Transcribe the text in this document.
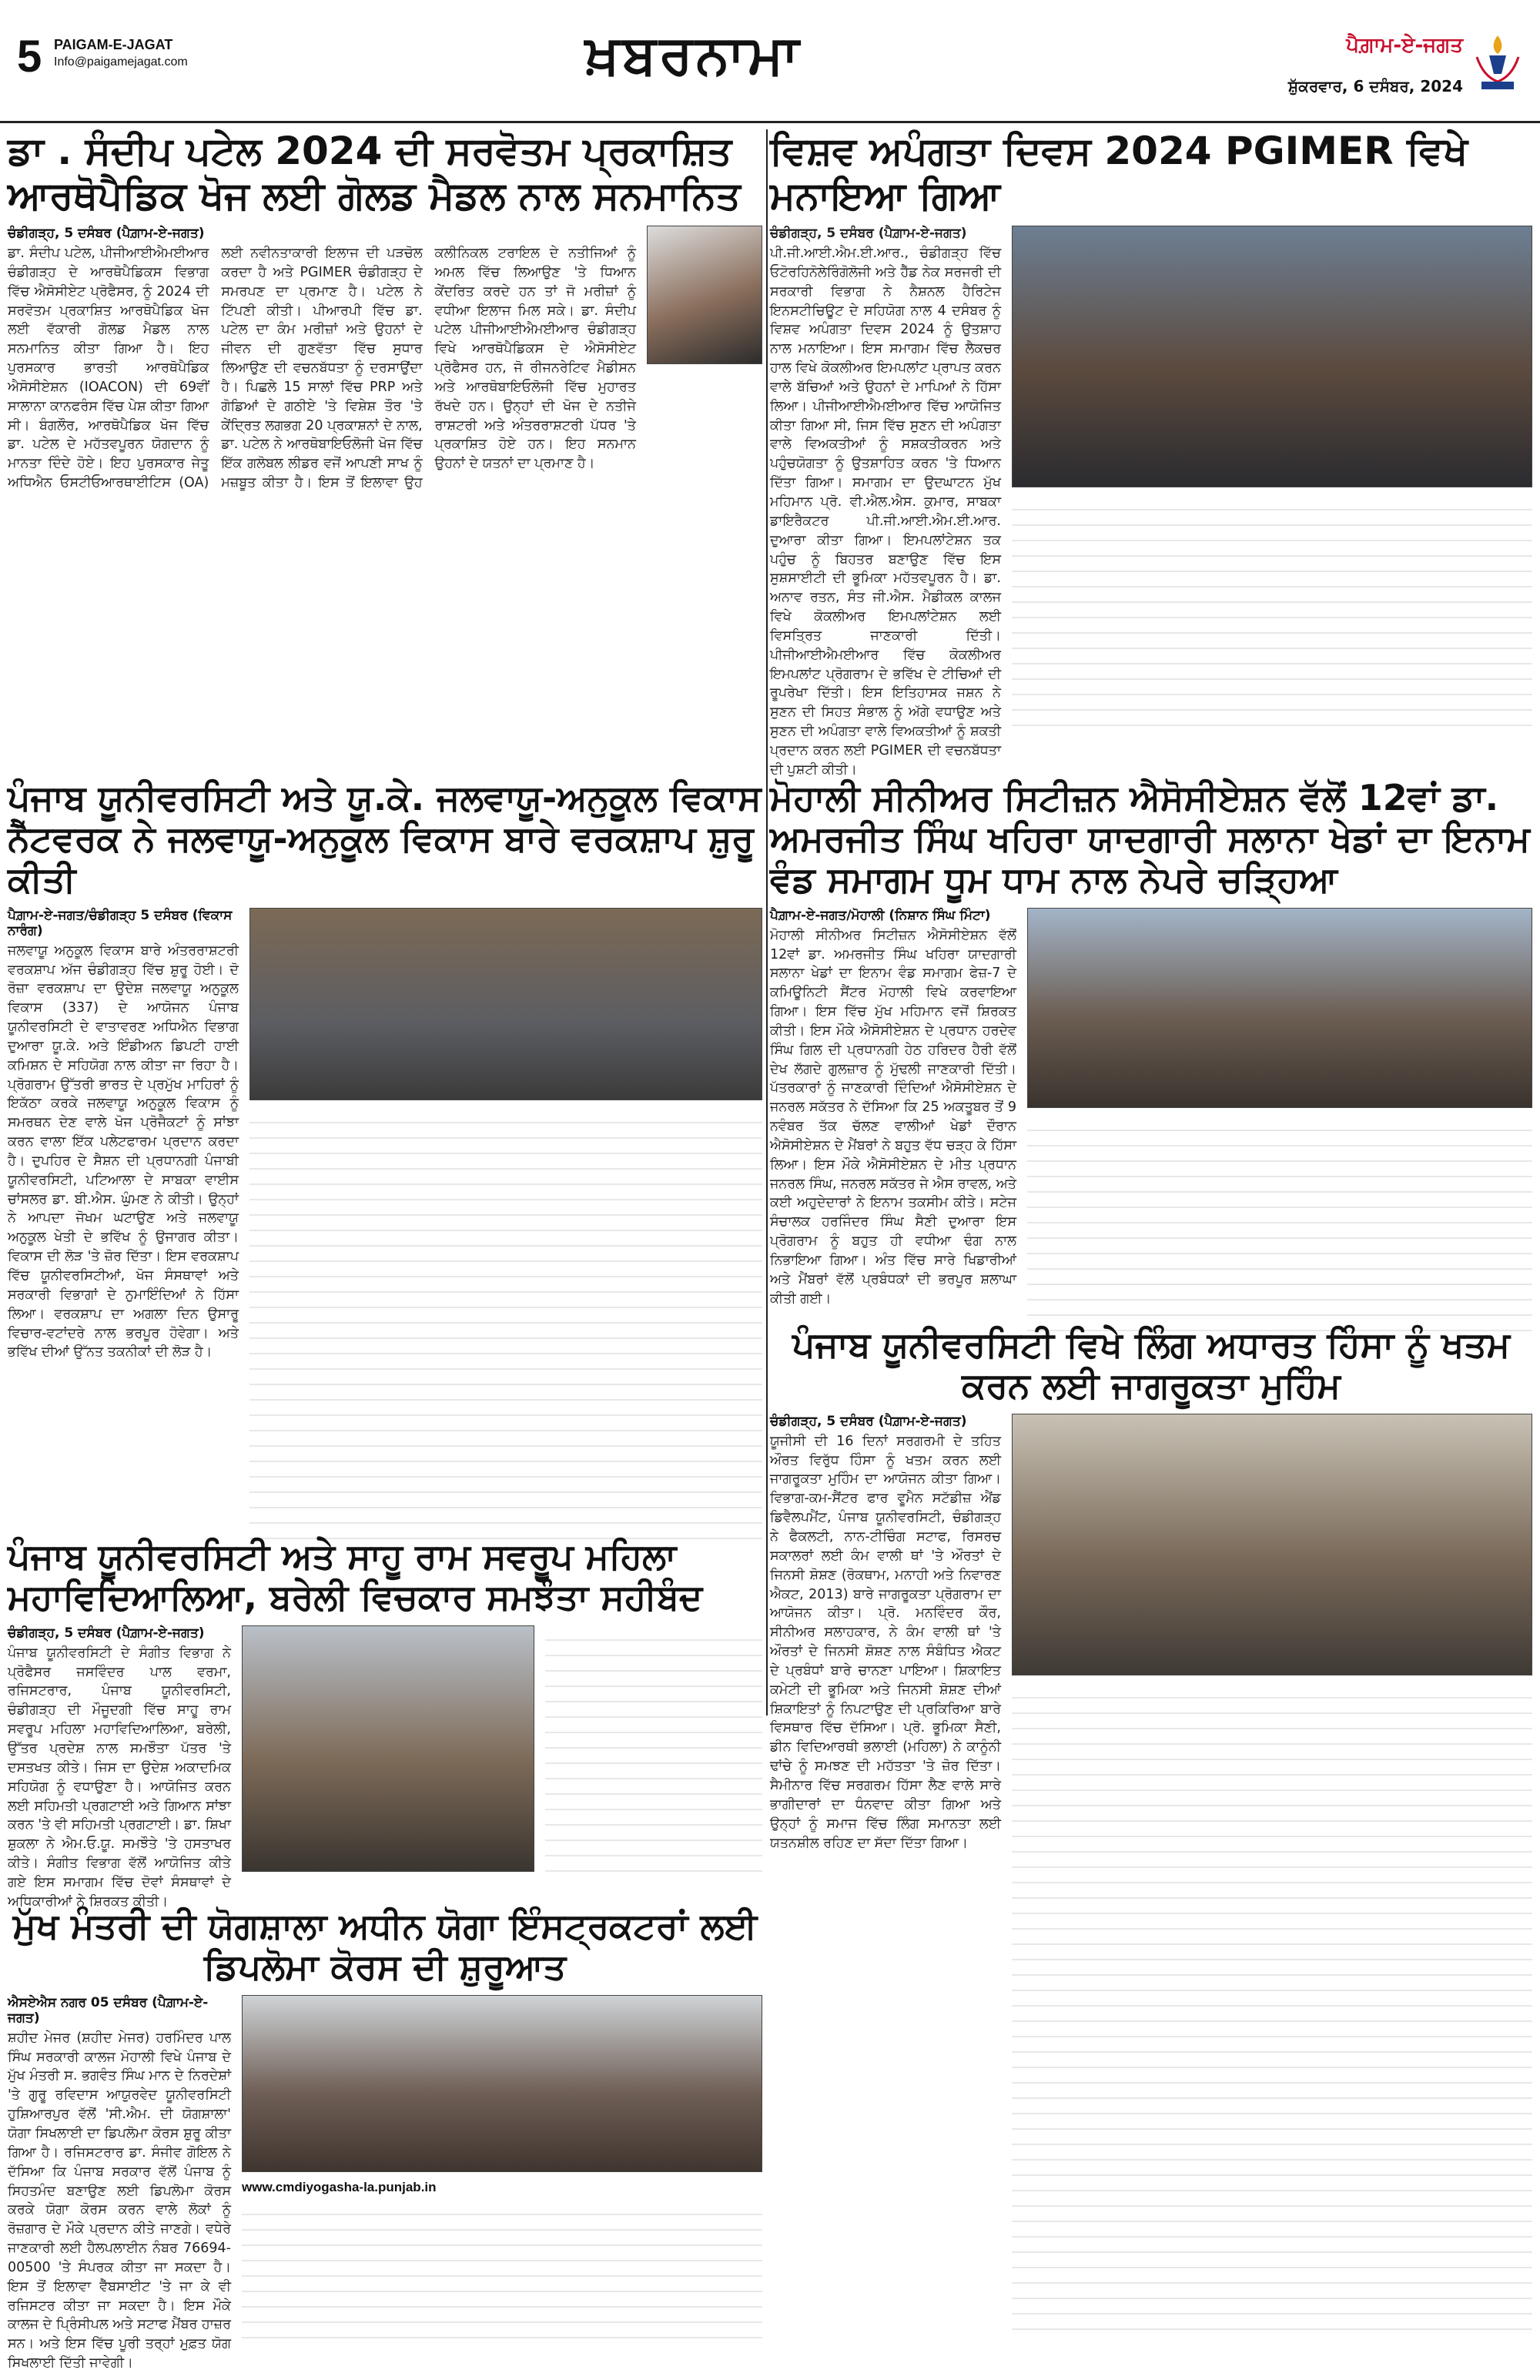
5 PAIGAM-E-JAGAT
Info@paigamejagat.com	ਖ਼ਬਰਨਾਮਾ	ਪੈਗ਼ਾਮ-ਏ-ਜਗਤ
ਸ਼ੁੱਕਰਵਾਰ, 6 ਦਸੰਬਰ, 2024
ਡਾ . ਸੰਦੀਪ ਪਟੇਲ 2024 ਦੀ ਸਰਵੋਤਮ ਪ੍ਰਕਾਸ਼ਿਤ ਆਰਥੋਪੈਡਿਕ ਖੋਜ ਲਈ ਗੋਲਡ ਮੈਡਲ ਨਾਲ ਸਨਮਾਨਿਤ
ਚੰਡੀਗੜ੍ਹ, 5 ਦਸੰਬਰ (ਪੈਗ਼ਾਮ-ਏ-ਜਗਤ)
ਡਾ. ਸੰਦੀਪ ਪਟੇਲ, ਪੀਜੀਆਈਐਮਈਆਰ ਚੰਡੀਗੜ੍ਹ ਦੇ ਆਰਥੋਪੈਡਿਕਸ ਵਿਭਾਗ ਵਿੱਚ ਐਸੋਸੀਏਟ ਪ੍ਰੋਫੈਸਰ, ਨੂੰ 2024 ਦੀ ਸਰਵੋਤਮ ਪ੍ਰਕਾਸ਼ਿਤ ਆਰਥੋਪੈਡਿਕ ਖੋਜ ਲਈ ਵੱਕਾਰੀ ਗੋਲਡ ਮੈਡਲ ਨਾਲ ਸਨਮਾਨਿਤ ਕੀਤਾ ਗਿਆ ਹੈ। ਇਹ ਪੁਰਸਕਾਰ ਭਾਰਤੀ ਆਰਥੋਪੈਡਿਕ ਐਸੋਸੀਏਸ਼ਨ (IOACON) ਦੀ 69ਵੀਂ ਸਾਲਾਨਾ ਕਾਨਫਰੰਸ ਵਿੱਚ ਪੇਸ਼ ਕੀਤਾ ਗਿਆ ਸੀ। ਬੰਗਲੌਰ, ਆਰਥੋਪੈਡਿਕ ਖੋਜ ਵਿੱਚ ਡਾ. ਪਟੇਲ ਦੇ ਮਹੱਤਵਪੂਰਨ ਯੋਗਦਾਨ ਨੂੰ ਮਾਨਤਾ ਦਿੰਦੇ ਹੋਏ। ਇਹ ਪੁਰਸਕਾਰ ਜੇਤੂ ਅਧਿਐਨ ਓਸਟੀਓਆਰਥਾਈਟਿਸ (OA) ਲਈ ਨਵੀਨਤਾਕਾਰੀ ਇਲਾਜ ਦੀ ਪੜਚੋਲ ਕਰਦਾ ਹੈ ਅਤੇ PGIMER ਚੰਡੀਗੜ੍ਹ ਦੇ ਸਮਰਪਣ ਦਾ ਪ੍ਰਮਾਣ ਹੈ। ਪਟੇਲ ਨੇ ਟਿੱਪਣੀ ਕੀਤੀ। ਪੀਆਰਪੀ ਵਿੱਚ ਡਾ. ਪਟੇਲ ਦਾ ਕੰਮ ਮਰੀਜ਼ਾਂ ਅਤੇ ਉਹਨਾਂ ਦੇ ਜੀਵਨ ਦੀ ਗੁਣਵੱਤਾ ਵਿੱਚ ਸੁਧਾਰ ਲਿਆਉਣ ਦੀ ਵਚਨਬੱਧਤਾ ਨੂੰ ਦਰਸਾਉਂਦਾ ਹੈ। ਪਿਛਲੇ 15 ਸਾਲਾਂ ਵਿੱਚ PRP ਅਤੇ ਗੋਡਿਆਂ ਦੇ ਗਠੀਏ 'ਤੇ ਵਿਸ਼ੇਸ਼ ਤੌਰ 'ਤੇ ਕੇਂਦ੍ਰਿਤ ਲਗਭਗ 20 ਪ੍ਰਕਾਸ਼ਨਾਂ ਦੇ ਨਾਲ, ਡਾ. ਪਟੇਲ ਨੇ ਆਰਥੋਬਾਇਓਲੋਜੀ ਖੋਜ ਵਿੱਚ ਇੱਕ ਗਲੋਬਲ ਲੀਡਰ ਵਜੋਂ ਆਪਣੀ ਸਾਖ ਨੂੰ ਮਜ਼ਬੂਤ ਕੀਤਾ ਹੈ। ਇਸ ਤੋਂ ਇਲਾਵਾ ਉਹ ਕਲੀਨਿਕਲ ਟਰਾਇਲ ਦੇ ਨਤੀਜਿਆਂ ਨੂੰ ਅਮਲ ਵਿੱਚ ਲਿਆਉਣ 'ਤੇ ਧਿਆਨ ਕੇਂਦਰਿਤ ਕਰਦੇ ਹਨ ਤਾਂ ਜੋ ਮਰੀਜ਼ਾਂ ਨੂੰ ਵਧੀਆ ਇਲਾਜ ਮਿਲ ਸਕੇ। ਡਾ. ਸੰਦੀਪ ਪਟੇਲ ਪੀਜੀਆਈਐਮਈਆਰ ਚੰਡੀਗੜ੍ਹ ਵਿਖੇ ਆਰਥੋਪੈਡਿਕਸ ਦੇ ਐਸੋਸੀਏਟ ਪ੍ਰੋਫੈਸਰ ਹਨ, ਜੋ ਰੀਜਨਰੇਟਿਵ ਮੈਡੀਸਨ ਅਤੇ ਆਰਥੋਬਾਇਓਲੋਜੀ ਵਿੱਚ ਮੁਹਾਰਤ ਰੱਖਦੇ ਹਨ। ਉਨ੍ਹਾਂ ਦੀ ਖੋਜ ਦੇ ਨਤੀਜੇ ਰਾਸ਼ਟਰੀ ਅਤੇ ਅੰਤਰਰਾਸ਼ਟਰੀ ਪੱਧਰ 'ਤੇ ਪ੍ਰਕਾਸ਼ਿਤ ਹੋਏ ਹਨ। ਇਹ ਸਨਮਾਨ ਉਹਨਾਂ ਦੇ ਯਤਨਾਂ ਦਾ ਪ੍ਰਮਾਣ ਹੈ।
ਵਿਸ਼ਵ ਅਪੰਗਤਾ ਦਿਵਸ 2024 PGIMER ਵਿਖੇ ਮਨਾਇਆ ਗਿਆ
ਚੰਡੀਗੜ੍ਹ, 5 ਦਸੰਬਰ (ਪੈਗ਼ਾਮ-ਏ-ਜਗਤ)
ਪੀ.ਜੀ.ਆਈ.ਐਮ.ਈ.ਆਰ., ਚੰਡੀਗੜ੍ਹ ਵਿੱਚ ਓਟੋਰਹਿਨੋਲੇਰਿੰਗੋਲੋਜੀ ਅਤੇ ਹੈੱਡ ਨੇਕ ਸਰਜਰੀ ਦੀ ਸਰਕਾਰੀ ਵਿਭਾਗ ਨੇ ਨੈਸ਼ਨਲ ਹੈਰਿਟੇਜ ਇਨਸਟੀਚਿਊਟ ਦੇ ਸਹਿਯੋਗ ਨਾਲ 4 ਦਸੰਬਰ ਨੂੰ ਵਿਸ਼ਵ ਅਪੰਗਤਾ ਦਿਵਸ 2024 ਨੂੰ ਉਤਸ਼ਾਹ ਨਾਲ ਮਨਾਇਆ। ਇਸ ਸਮਾਗਮ ਵਿੱਚ ਲੈਕਚਰ ਹਾਲ ਵਿਖੇ ਕੋਕਲੀਅਰ ਇਮਪਲਾਂਟ ਪ੍ਰਾਪਤ ਕਰਨ ਵਾਲੇ ਬੱਚਿਆਂ ਅਤੇ ਉਹਨਾਂ ਦੇ ਮਾਪਿਆਂ ਨੇ ਹਿੱਸਾ ਲਿਆ। ਪੀਜੀਆਈਐਮਈਆਰ ਵਿੱਚ ਆਯੋਜਿਤ ਕੀਤਾ ਗਿਆ ਸੀ, ਜਿਸ ਵਿੱਚ ਸੁਣਨ ਦੀ ਅਪੰਗਤਾ ਵਾਲੇ ਵਿਅਕਤੀਆਂ ਨੂੰ ਸਸ਼ਕਤੀਕਰਨ ਅਤੇ ਪਹੁੰਚਯੋਗਤਾ ਨੂੰ ਉਤਸ਼ਾਹਿਤ ਕਰਨ 'ਤੇ ਧਿਆਨ ਦਿੱਤਾ ਗਿਆ। ਸਮਾਗਮ ਦਾ ਉਦਘਾਟਨ ਮੁੱਖ ਮਹਿਮਾਨ ਪ੍ਰੋ. ਵੀ.ਐਲ.ਐਸ. ਕੁਮਾਰ, ਸਾਬਕਾ ਡਾਇਰੈਕਟਰ ਪੀ.ਜੀ.ਆਈ.ਐਮ.ਈ.ਆਰ. ਦੁਆਰਾ ਕੀਤਾ ਗਿਆ। ਇਮਪਲਾਂਟੇਸ਼ਨ ਤਕ ਪਹੁੰਚ ਨੂੰ ਬਿਹਤਰ ਬਣਾਉਣ ਵਿੱਚ ਇਸ ਸੁਸ਼ਸਾਈਟੀ ਦੀ ਭੂਮਿਕਾ ਮਹੱਤਵਪੂਰਨ ਹੈ। ਡਾ. ਅਨਾਵ ਰਤਨ, ਸੰਤ ਜੀ.ਐਸ. ਮੈਡੀਕਲ ਕਾਲਜ ਵਿਖੇ ਕੋਕਲੀਅਰ ਇਮਪਲਾਂਟੇਸ਼ਨ ਲਈ ਵਿਸਤ੍ਰਿਤ ਜਾਣਕਾਰੀ ਦਿੱਤੀ। ਪੀਜੀਆਈਐਮਈਆਰ ਵਿੱਚ ਕੋਕਲੀਅਰ ਇਮਪਲਾਂਟ ਪ੍ਰੋਗਰਾਮ ਦੇ ਭਵਿੱਖ ਦੇ ਟੀਚਿਆਂ ਦੀ ਰੂਪਰੇਖਾ ਦਿੱਤੀ। ਇਸ ਇਤਿਹਾਸਕ ਜਸ਼ਨ ਨੇ ਸੁਣਨ ਦੀ ਸਿਹਤ ਸੰਭਾਲ ਨੂੰ ਅੱਗੇ ਵਧਾਉਣ ਅਤੇ ਸੁਣਨ ਦੀ ਅਪੰਗਤਾ ਵਾਲੇ ਵਿਅਕਤੀਆਂ ਨੂੰ ਸ਼ਕਤੀ ਪ੍ਰਦਾਨ ਕਰਨ ਲਈ PGIMER ਦੀ ਵਚਨਬੱਧਤਾ ਦੀ ਪੁਸ਼ਟੀ ਕੀਤੀ।
ਪੰਜਾਬ ਯੂਨੀਵਰਸਿਟੀ ਅਤੇ ਯੂ.ਕੇ. ਜਲਵਾਯੂ-ਅਨੁਕੂਲ ਵਿਕਾਸ ਨੈੱਟਵਰਕ ਨੇ ਜਲਵਾਯੂ-ਅਨੁਕੂਲ ਵਿਕਾਸ ਬਾਰੇ ਵਰਕਸ਼ਾਪ ਸ਼ੁਰੂ ਕੀਤੀ
ਪੈਗ਼ਾਮ-ਏ-ਜਗਤ/ਚੰਡੀਗੜ੍ਹ 5 ਦਸੰਬਰ (ਵਿਕਾਸ ਨਾਰੰਗ)
ਜਲਵਾਯੂ ਅਨੁਕੂਲ ਵਿਕਾਸ ਬਾਰੇ ਅੰਤਰਰਾਸ਼ਟਰੀ ਵਰਕਸ਼ਾਪ ਅੱਜ ਚੰਡੀਗੜ੍ਹ ਵਿੱਚ ਸ਼ੁਰੂ ਹੋਈ। ਦੋ ਰੋਜ਼ਾ ਵਰਕਸ਼ਾਪ ਦਾ ਉਦੇਸ਼ ਜਲਵਾਯੂ ਅਨੁਕੂਲ ਵਿਕਾਸ (337) ਦੇ ਆਯੋਜਨ ਪੰਜਾਬ ਯੂਨੀਵਰਸਿਟੀ ਦੇ ਵਾਤਾਵਰਣ ਅਧਿਐਨ ਵਿਭਾਗ ਦੁਆਰਾ ਯੂ.ਕੇ. ਅਤੇ ਇੰਡੀਅਨ ਡਿਪਟੀ ਹਾਈ ਕਮਿਸ਼ਨ ਦੇ ਸਹਿਯੋਗ ਨਾਲ ਕੀਤਾ ਜਾ ਰਿਹਾ ਹੈ। ਪ੍ਰੋਗਰਾਮ ਉੱਤਰੀ ਭਾਰਤ ਦੇ ਪ੍ਰਮੁੱਖ ਮਾਹਿਰਾਂ ਨੂੰ ਇਕੱਠਾ ਕਰਕੇ ਜਲਵਾਯੂ ਅਨੁਕੂਲ ਵਿਕਾਸ ਨੂੰ ਸਮਰਥਨ ਦੇਣ ਵਾਲੇ ਖੋਜ ਪ੍ਰੋਜੈਕਟਾਂ ਨੂੰ ਸਾਂਝਾ ਕਰਨ ਵਾਲਾ ਇੱਕ ਪਲੇਟਫਾਰਮ ਪ੍ਰਦਾਨ ਕਰਦਾ ਹੈ। ਦੁਪਹਿਰ ਦੇ ਸੈਸ਼ਨ ਦੀ ਪ੍ਰਧਾਨਗੀ ਪੰਜਾਬੀ ਯੂਨੀਵਰਸਿਟੀ, ਪਟਿਆਲਾ ਦੇ ਸਾਬਕਾ ਵਾਈਸ ਚਾਂਸਲਰ ਡਾ. ਬੀ.ਐਸ. ਘੁੰਮਣ ਨੇ ਕੀਤੀ। ਉਨ੍ਹਾਂ ਨੇ ਆਪਦਾ ਜੋਖਮ ਘਟਾਉਣ ਅਤੇ ਜਲਵਾਯੂ ਅਨੁਕੂਲ ਖੇਤੀ ਦੇ ਭਵਿੱਖ ਨੂੰ ਉਜਾਗਰ ਕੀਤਾ। ਵਿਕਾਸ ਦੀ ਲੋੜ 'ਤੇ ਜ਼ੋਰ ਦਿੱਤਾ। ਇਸ ਵਰਕਸ਼ਾਪ ਵਿੱਚ ਯੂਨੀਵਰਸਿਟੀਆਂ, ਖੋਜ ਸੰਸਥਾਵਾਂ ਅਤੇ ਸਰਕਾਰੀ ਵਿਭਾਗਾਂ ਦੇ ਨੁਮਾਇੰਦਿਆਂ ਨੇ ਹਿੱਸਾ ਲਿਆ। ਵਰਕਸ਼ਾਪ ਦਾ ਅਗਲਾ ਦਿਨ ਉਸਾਰੂ ਵਿਚਾਰ-ਵਟਾਂਦਰੇ ਨਾਲ ਭਰਪੂਰ ਹੋਵੇਗਾ। ਅਤੇ ਭਵਿੱਖ ਦੀਆਂ ਉੱਨਤ ਤਕਨੀਕਾਂ ਦੀ ਲੋੜ ਹੈ।
ਮੋਹਾਲੀ ਸੀਨੀਅਰ ਸਿਟੀਜ਼ਨ ਐਸੋਸੀਏਸ਼ਨ ਵੱਲੋਂ 12ਵਾਂ ਡਾ. ਅਮਰਜੀਤ ਸਿੰਘ ਖਹਿਰਾ ਯਾਦਗਾਰੀ ਸਲਾਨਾ ਖੇਡਾਂ ਦਾ ਇਨਾਮ ਵੰਡ ਸਮਾਗਮ ਧੂਮ ਧਾਮ ਨਾਲ ਨੇਪਰੇ ਚੜ੍ਹਿਆ
ਪੈਗ਼ਾਮ-ਏ-ਜਗਤ/ਮੋਹਾਲੀ (ਨਿਸ਼ਾਨ ਸਿੰਘ ਮਿੰਟਾ)
ਮੋਹਾਲੀ ਸੀਨੀਅਰ ਸਿਟੀਜ਼ਨ ਐਸੋਸੀਏਸ਼ਨ ਵੱਲੋਂ 12ਵਾਂ ਡਾ. ਅਮਰਜੀਤ ਸਿੰਘ ਖਹਿਰਾ ਯਾਦਗਾਰੀ ਸਲਾਨਾ ਖੇਡਾਂ ਦਾ ਇਨਾਮ ਵੰਡ ਸਮਾਗਮ ਫੇਜ਼-7 ਦੇ ਕਮਿਊਨਿਟੀ ਸੈਂਟਰ ਮੋਹਾਲੀ ਵਿਖੇ ਕਰਵਾਇਆ ਗਿਆ। ਇਸ ਵਿੱਚ ਮੁੱਖ ਮਹਿਮਾਨ ਵਜੋਂ ਸ਼ਿਰਕਤ ਕੀਤੀ। ਇਸ ਮੌਕੇ ਐਸੋਸੀਏਸ਼ਨ ਦੇ ਪ੍ਰਧਾਨ ਹਰਦੇਵ ਸਿੰਘ ਗਿਲ ਦੀ ਪ੍ਰਧਾਨਗੀ ਹੇਠ ਹਰਿਦਰ ਹੈਰੀ ਵੱਲੋਂ ਦੇਖ ਲੱਗਦੇ ਗੁਲਜ਼ਾਰ ਨੂੰ ਮੁੱਢਲੀ ਜਾਣਕਾਰੀ ਦਿੱਤੀ। ਪੱਤਰਕਾਰਾਂ ਨੂੰ ਜਾਣਕਾਰੀ ਦਿੰਦਿਆਂ ਐਸੋਸੀਏਸ਼ਨ ਦੇ ਜਨਰਲ ਸਕੱਤਰ ਨੇ ਦੱਸਿਆ ਕਿ 25 ਅਕਤੂਬਰ ਤੋਂ 9 ਨਵੰਬਰ ਤੱਕ ਚੱਲਣ ਵਾਲੀਆਂ ਖੇਡਾਂ ਦੌਰਾਨ ਐਸੋਸੀਏਸ਼ਨ ਦੇ ਮੈਂਬਰਾਂ ਨੇ ਬਹੁਤ ਵੱਧ ਚੜ੍ਹ ਕੇ ਹਿੱਸਾ ਲਿਆ। ਇਸ ਮੌਕੇ ਐਸੋਸੀਏਸ਼ਨ ਦੇ ਮੀਤ ਪ੍ਰਧਾਨ ਜਨਰਲ ਸਿੰਘ, ਜਨਰਲ ਸਕੱਤਰ ਜੇ ਐਸ ਰਾਵਲ, ਅਤੇ ਕਈ ਅਹੁਦੇਦਾਰਾਂ ਨੇ ਇਨਾਮ ਤਕਸੀਮ ਕੀਤੇ। ਸਟੇਜ ਸੰਚਾਲਕ ਹਰਜਿੰਦਰ ਸਿੰਘ ਸੈਣੀ ਦੁਆਰਾ ਇਸ ਪ੍ਰੋਗਰਾਮ ਨੂੰ ਬਹੁਤ ਹੀ ਵਧੀਆ ਢੰਗ ਨਾਲ ਨਿਭਾਇਆ ਗਿਆ। ਅੰਤ ਵਿੱਚ ਸਾਰੇ ਖਿਡਾਰੀਆਂ ਅਤੇ ਮੈਂਬਰਾਂ ਵੱਲੋਂ ਪ੍ਰਬੰਧਕਾਂ ਦੀ ਭਰਪੂਰ ਸ਼ਲਾਘਾ ਕੀਤੀ ਗਈ।
ਪੰਜਾਬ ਯੂਨੀਵਰਸਿਟੀ ਵਿਖੇ ਲਿੰਗ ਅਧਾਰਤ ਹਿੰਸਾ ਨੂੰ ਖਤਮ ਕਰਨ ਲਈ ਜਾਗਰੂਕਤਾ ਮੁਹਿੰਮ
ਚੰਡੀਗੜ੍ਹ, 5 ਦਸੰਬਰ (ਪੈਗ਼ਾਮ-ਏ-ਜਗਤ)
ਯੂਜੀਸੀ ਦੀ 16 ਦਿਨਾਂ ਸਰਗਰਮੀ ਦੇ ਤਹਿਤ ਔਰਤ ਵਿਰੁੱਧ ਹਿੰਸਾ ਨੂੰ ਖਤਮ ਕਰਨ ਲਈ ਜਾਗਰੂਕਤਾ ਮੁਹਿੰਮ ਦਾ ਆਯੋਜਨ ਕੀਤਾ ਗਿਆ। ਵਿਭਾਗ-ਕਮ-ਸੈਂਟਰ ਫਾਰ ਵੂਮੈਨ ਸਟੱਡੀਜ਼ ਐਂਡ ਡਿਵੈਲਪਮੈਂਟ, ਪੰਜਾਬ ਯੂਨੀਵਰਸਿਟੀ, ਚੰਡੀਗੜ੍ਹ ਨੇ ਫੈਕਲਟੀ, ਨਾਨ-ਟੀਚਿੰਗ ਸਟਾਫ, ਰਿਸਰਚ ਸਕਾਲਰਾਂ ਲਈ ਕੰਮ ਵਾਲੀ ਥਾਂ 'ਤੇ ਔਰਤਾਂ ਦੇ ਜਿਨਸੀ ਸ਼ੋਸ਼ਣ (ਰੋਕਥਾਮ, ਮਨਾਹੀ ਅਤੇ ਨਿਵਾਰਣ ਐਕਟ, 2013) ਬਾਰੇ ਜਾਗਰੂਕਤਾ ਪ੍ਰੋਗਰਾਮ ਦਾ ਆਯੋਜਨ ਕੀਤਾ। ਪ੍ਰੋ. ਮਨਵਿੰਦਰ ਕੌਰ, ਸੀਨੀਅਰ ਸਲਾਹਕਾਰ, ਨੇ ਕੰਮ ਵਾਲੀ ਥਾਂ 'ਤੇ ਔਰਤਾਂ ਦੇ ਜਿਨਸੀ ਸ਼ੋਸ਼ਣ ਨਾਲ ਸੰਬੰਧਿਤ ਐਕਟ ਦੇ ਪ੍ਰਬੰਧਾਂ ਬਾਰੇ ਚਾਨਣਾ ਪਾਇਆ। ਸ਼ਿਕਾਇਤ ਕਮੇਟੀ ਦੀ ਭੂਮਿਕਾ ਅਤੇ ਜਿਨਸੀ ਸ਼ੋਸ਼ਣ ਦੀਆਂ ਸ਼ਿਕਾਇਤਾਂ ਨੂੰ ਨਿਪਟਾਉਣ ਦੀ ਪ੍ਰਕਿਰਿਆ ਬਾਰੇ ਵਿਸਥਾਰ ਵਿੱਚ ਦੱਸਿਆ। ਪ੍ਰੋ. ਭੂਮਿਕਾ ਸੈਣੀ, ਡੀਨ ਵਿਦਿਆਰਥੀ ਭਲਾਈ (ਮਹਿਲਾ) ਨੇ ਕਾਨੂੰਨੀ ਢਾਂਚੇ ਨੂੰ ਸਮਝਣ ਦੀ ਮਹੱਤਤਾ 'ਤੇ ਜ਼ੋਰ ਦਿੱਤਾ। ਸੈਮੀਨਾਰ ਵਿੱਚ ਸਰਗਰਮ ਹਿੱਸਾ ਲੈਣ ਵਾਲੇ ਸਾਰੇ ਭਾਗੀਦਾਰਾਂ ਦਾ ਧੰਨਵਾਦ ਕੀਤਾ ਗਿਆ ਅਤੇ ਉਨ੍ਹਾਂ ਨੂੰ ਸਮਾਜ ਵਿੱਚ ਲਿੰਗ ਸਮਾਨਤਾ ਲਈ ਯਤਨਸ਼ੀਲ ਰਹਿਣ ਦਾ ਸੱਦਾ ਦਿੱਤਾ ਗਿਆ।
ਪੰਜਾਬ ਯੂਨੀਵਰਸਿਟੀ ਅਤੇ ਸਾਹੂ ਰਾਮ ਸਵਰੂਪ ਮਹਿਲਾ ਮਹਾਵਿਦਿਆਲਿਆ, ਬਰੇਲੀ ਵਿਚਕਾਰ ਸਮਝੌਤਾ ਸਹੀਬੰਦ
ਚੰਡੀਗੜ੍ਹ, 5 ਦਸੰਬਰ (ਪੈਗ਼ਾਮ-ਏ-ਜਗਤ)
ਪੰਜਾਬ ਯੂਨੀਵਰਸਿਟੀ ਦੇ ਸੰਗੀਤ ਵਿਭਾਗ ਨੇ ਪ੍ਰੋਫੈਸਰ ਜਸਵਿੰਦਰ ਪਾਲ ਵਰਮਾ, ਰਜਿਸਟਰਾਰ, ਪੰਜਾਬ ਯੂਨੀਵਰਸਿਟੀ, ਚੰਡੀਗੜ੍ਹ ਦੀ ਮੌਜੂਦਗੀ ਵਿੱਚ ਸਾਹੂ ਰਾਮ ਸਵਰੂਪ ਮਹਿਲਾ ਮਹਾਵਿਦਿਆਲਿਆ, ਬਰੇਲੀ, ਉੱਤਰ ਪ੍ਰਦੇਸ਼ ਨਾਲ ਸਮਝੌਤਾ ਪੱਤਰ 'ਤੇ ਦਸਤਖਤ ਕੀਤੇ। ਜਿਸ ਦਾ ਉਦੇਸ਼ ਅਕਾਦਮਿਕ ਸਹਿਯੋਗ ਨੂੰ ਵਧਾਉਣਾ ਹੈ। ਆਯੋਜਿਤ ਕਰਨ ਲਈ ਸਹਿਮਤੀ ਪ੍ਰਗਟਾਈ ਅਤੇ ਗਿਆਨ ਸਾਂਝਾ ਕਰਨ 'ਤੇ ਵੀ ਸਹਿਮਤੀ ਪ੍ਰਗਟਾਈ। ਡਾ. ਸ਼ਿਖਾ ਸ਼ੁਕਲਾ ਨੇ ਐਮ.ਓ.ਯੂ. ਸਮਝੌਤੇ 'ਤੇ ਹਸਤਾਖਰ ਕੀਤੇ। ਸੰਗੀਤ ਵਿਭਾਗ ਵੱਲੋਂ ਆਯੋਜਿਤ ਕੀਤੇ ਗਏ ਇਸ ਸਮਾਗਮ ਵਿੱਚ ਦੋਵਾਂ ਸੰਸਥਾਵਾਂ ਦੇ ਅਧਿਕਾਰੀਆਂ ਨੇ ਸ਼ਿਰਕਤ ਕੀਤੀ।
ਮੁੱਖ ਮੰਤਰੀ ਦੀ ਯੋਗਸ਼ਾਲਾ ਅਧੀਨ ਯੋਗਾ ਇੰਸਟ੍ਰਕਟਰਾਂ ਲਈ ਡਿਪਲੋਮਾ ਕੋਰਸ ਦੀ ਸ਼ੁਰੂਆਤ
ਐਸਏਐਸ ਨਗਰ 05 ਦਸੰਬਰ (ਪੈਗ਼ਾਮ-ਏ-ਜਗਤ)
ਸ਼ਹੀਦ ਮੇਜਰ (ਸ਼ਹੀਦ ਮੇਜਰ) ਹਰਮਿੰਦਰ ਪਾਲ ਸਿੰਘ ਸਰਕਾਰੀ ਕਾਲਜ ਮੋਹਾਲੀ ਵਿਖੇ ਪੰਜਾਬ ਦੇ ਮੁੱਖ ਮੰਤਰੀ ਸ. ਭਗਵੰਤ ਸਿੰਘ ਮਾਨ ਦੇ ਨਿਰਦੇਸ਼ਾਂ 'ਤੇ ਗੁਰੂ ਰਵਿਦਾਸ ਆਯੁਰਵੇਦ ਯੂਨੀਵਰਸਿਟੀ ਹੁਸ਼ਿਆਰਪੁਰ ਵੱਲੋਂ 'ਸੀ.ਐਮ. ਦੀ ਯੋਗਸ਼ਾਲਾ' ਯੋਗਾ ਸਿਖਲਾਈ ਦਾ ਡਿਪਲੋਮਾ ਕੋਰਸ ਸ਼ੁਰੂ ਕੀਤਾ ਗਿਆ ਹੈ। ਰਜਿਸਟਰਾਰ ਡਾ. ਸੰਜੀਵ ਗੋਇਲ ਨੇ ਦੱਸਿਆ ਕਿ ਪੰਜਾਬ ਸਰਕਾਰ ਵੱਲੋਂ ਪੰਜਾਬ ਨੂੰ ਸਿਹਤਮੰਦ ਬਣਾਉਣ ਲਈ ਡਿਪਲੋਮਾ ਕੋਰਸ ਕਰਕੇ ਯੋਗਾ ਕੋਰਸ ਕਰਨ ਵਾਲੇ ਲੋਕਾਂ ਨੂੰ ਰੋਜ਼ਗਾਰ ਦੇ ਮੌਕੇ ਪ੍ਰਦਾਨ ਕੀਤੇ ਜਾਣਗੇ। ਵਧੇਰੇ ਜਾਣਕਾਰੀ ਲਈ ਹੈਲਪਲਾਈਨ ਨੰਬਰ 76694-00500 'ਤੇ ਸੰਪਰਕ ਕੀਤਾ ਜਾ ਸਕਦਾ ਹੈ। ਇਸ ਤੋਂ ਇਲਾਵਾ ਵੈੱਬਸਾਈਟ 'ਤੇ ਜਾ ਕੇ ਵੀ ਰਜਿਸਟਰ ਕੀਤਾ ਜਾ ਸਕਦਾ ਹੈ। ਇਸ ਮੌਕੇ ਕਾਲਜ ਦੇ ਪ੍ਰਿੰਸੀਪਲ ਅਤੇ ਸਟਾਫ ਮੈਂਬਰ ਹਾਜ਼ਰ ਸਨ। ਅਤੇ ਇਸ ਵਿੱਚ ਪੂਰੀ ਤਰ੍ਹਾਂ ਮੁਫ਼ਤ ਯੋਗ ਸਿਖਲਾਈ ਦਿੱਤੀ ਜਾਵੇਗੀ।
www.cmdiyogasha-la.punjab.in
